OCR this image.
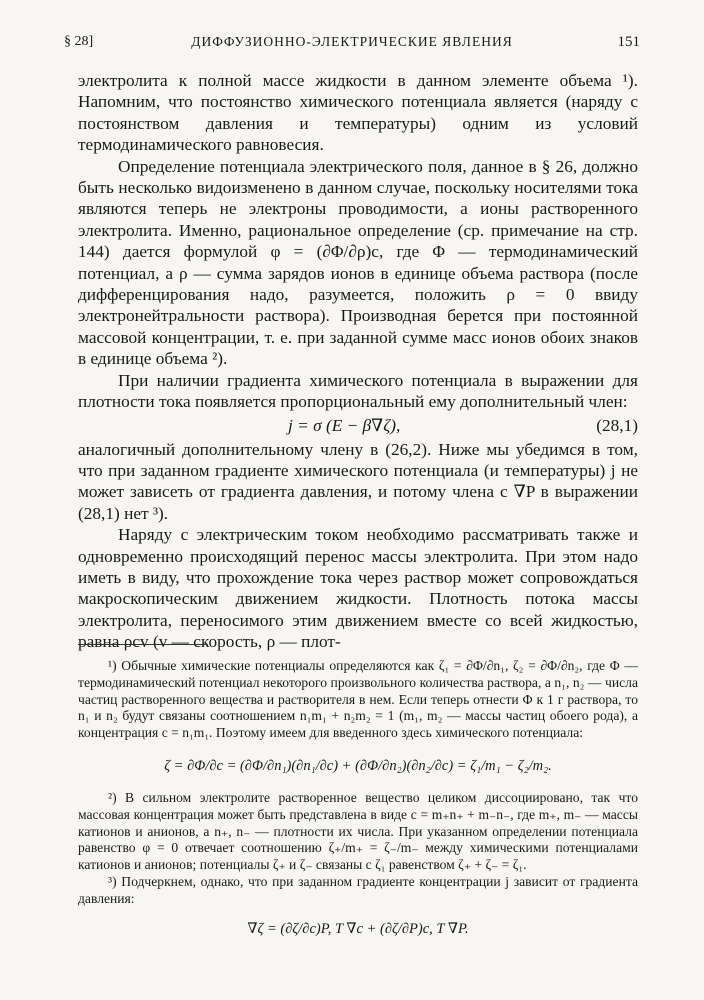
§ 28]	ДИФФУЗИОННО-ЭЛЕКТРИЧЕСКИЕ ЯВЛЕНИЯ	151

электролита к полной массе жидкости в данном элементе объема ¹). Напомним, что постоянство химического потенциала является (наряду с постоянством давления и температуры) одним из условий термодинамического равновесия.

Определение потенциала электрического поля, данное в § 26, должно быть несколько видоизменено в данном случае, поскольку носителями тока являются теперь не электроны проводимости, а ионы растворенного электролита. Именно, рациональное определение (ср. примечание на стр. 144) дается формулой φ = (∂Φ/∂ρ)c, где Φ — термодинамический потенциал, а ρ — сумма зарядов ионов в единице объема раствора (после дифференцирования надо, разумеется, положить ρ = 0 ввиду электронейтральности раствора). Производная берется при постоянной массовой концентрации, т. е. при заданной сумме масс ионов обоих знаков в единице объема ²).

При наличии градиента химического потенциала в выражении для плотности тока появляется пропорциональный ему дополнительный член:

j = σ (E − β∇ζ),	(28,1)

аналогичный дополнительному члену в (26,2). Ниже мы убедимся в том, что при заданном градиенте химического потенциала (и температуры) j не может зависеть от градиента давления, и потому члена с ∇P в выражении (28,1) нет ³).

Наряду с электрическим током необходимо рассматривать также и одновременно происходящий перенос массы электролита. При этом надо иметь в виду, что прохождение тока через раствор может сопровождаться макроскопическим движением жидкости. Плотность потока массы электролита, переносимого этим движением вместе со всей жидкостью, равна ρcv (v — скорость, ρ — плот-

¹) Обычные химические потенциалы определяются как ζ₁ = ∂Φ/∂n₁, ζ₂ = ∂Φ/∂n₂, где Φ — термодинамический потенциал некоторого произвольного количества раствора, а n₁, n₂ — числа частиц растворенного вещества и растворителя в нем. Если теперь отнести Φ к 1 г раствора, то n₁ и n₂ будут связаны соотношением n₁m₁ + n₂m₂ = 1 (m₁, m₂ — массы частиц обоего рода), а концентрация c = n₁m₁. Поэтому имеем для введенного здесь химического потенциала:

ζ = ∂Φ/∂c = (∂Φ/∂n₁)(∂n₁/∂c) + (∂Φ/∂n₂)(∂n₂/∂c) = ζ₁/m₁ − ζ₂/m₂.

²) В сильном электролите растворенное вещество целиком диссоциировано, так что массовая концентрация может быть представлена в виде c = m₊n₊ + m₋n₋, где m₊, m₋ — массы катионов и анионов, а n₊, n₋ — плотности их числа. При указанном определении потенциала равенство φ = 0 отвечает соотношению ζ₊/m₊ = ζ₋/m₋ между химическими потенциалами катионов и анионов; потенциалы ζ₊ и ζ₋ связаны с ζ₁ равенством ζ₊ + ζ₋ = ζ₁.

³) Подчеркнем, однако, что при заданном градиенте концентрации j зависит от градиента давления:

∇ζ = (∂ζ/∂c)P, T ∇c + (∂ζ/∂P)c, T ∇P.
